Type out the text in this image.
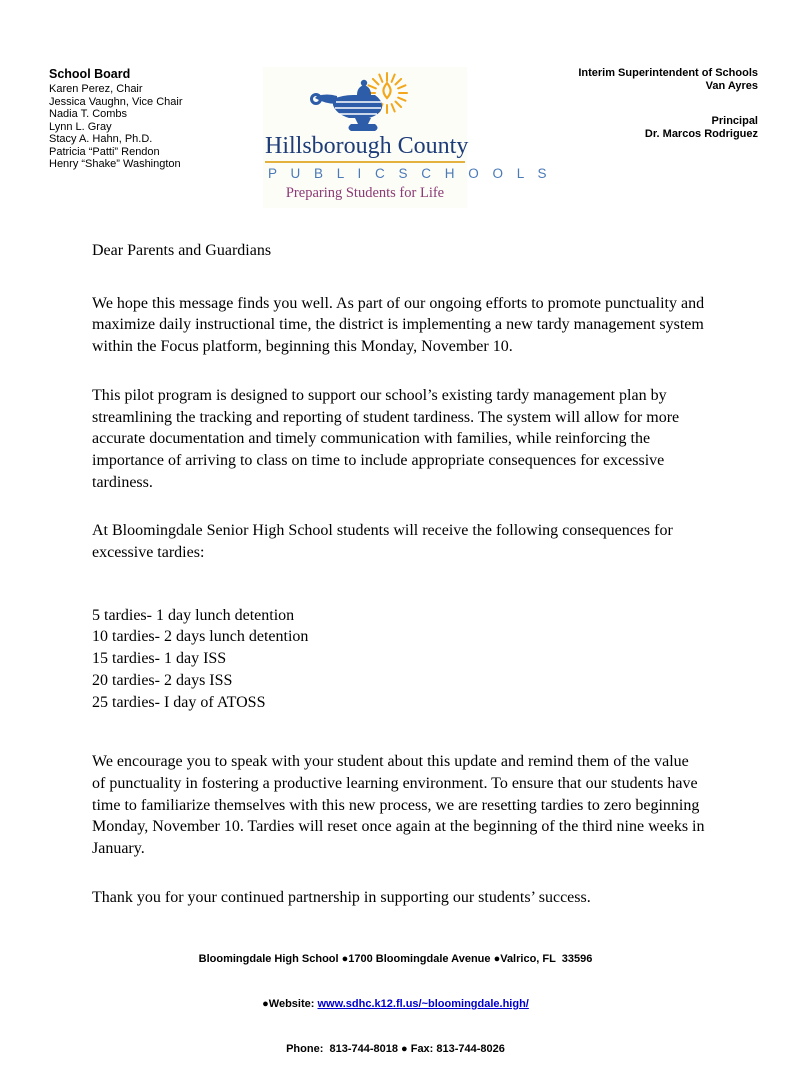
School Board
Karen Perez, Chair
Jessica Vaughn, Vice Chair
Nadia T. Combs
Lynn L. Gray
Stacy A. Hahn, Ph.D.
Patricia “Patti” Rendon
Henry “Shake” Washington
Hillsborough County
P U B L I C S C H O O L S
Preparing Students for Life
Interim Superintendent of Schools
Van Ayres
Principal
Dr. Marcos Rodriguez

Dear Parents and Guardians

We hope this message finds you well. As part of our ongoing efforts to promote punctuality and maximize daily instructional time, the district is implementing a new tardy management system within the Focus platform, beginning this Monday, November 10.

This pilot program is designed to support our school’s existing tardy management plan by streamlining the tracking and reporting of student tardiness. The system will allow for more accurate documentation and timely communication with families, while reinforcing the importance of arriving to class on time to include appropriate consequences for excessive tardiness.

At Bloomingdale Senior High School students will receive the following consequences for excessive tardies:

5 tardies- 1 day lunch detention
10 tardies- 2 days lunch detention
15 tardies- 1 day ISS
20 tardies- 2 days ISS
25 tardies- I day of ATOSS

We encourage you to speak with your student about this update and remind them of the value of punctuality in fostering a productive learning environment. To ensure that our students have time to familiarize themselves with this new process, we are resetting tardies to zero beginning Monday, November 10. Tardies will reset once again at the beginning of the third nine weeks in January.

Thank you for your continued partnership in supporting our students’ success.

Bloomingdale High School ●1700 Bloomingdale Avenue ●Valrico, FL  33596

●Website: www.sdhc.k12.fl.us/~bloomingdale.high/

Phone:  813-744-8018 ● Fax: 813-744-8026
